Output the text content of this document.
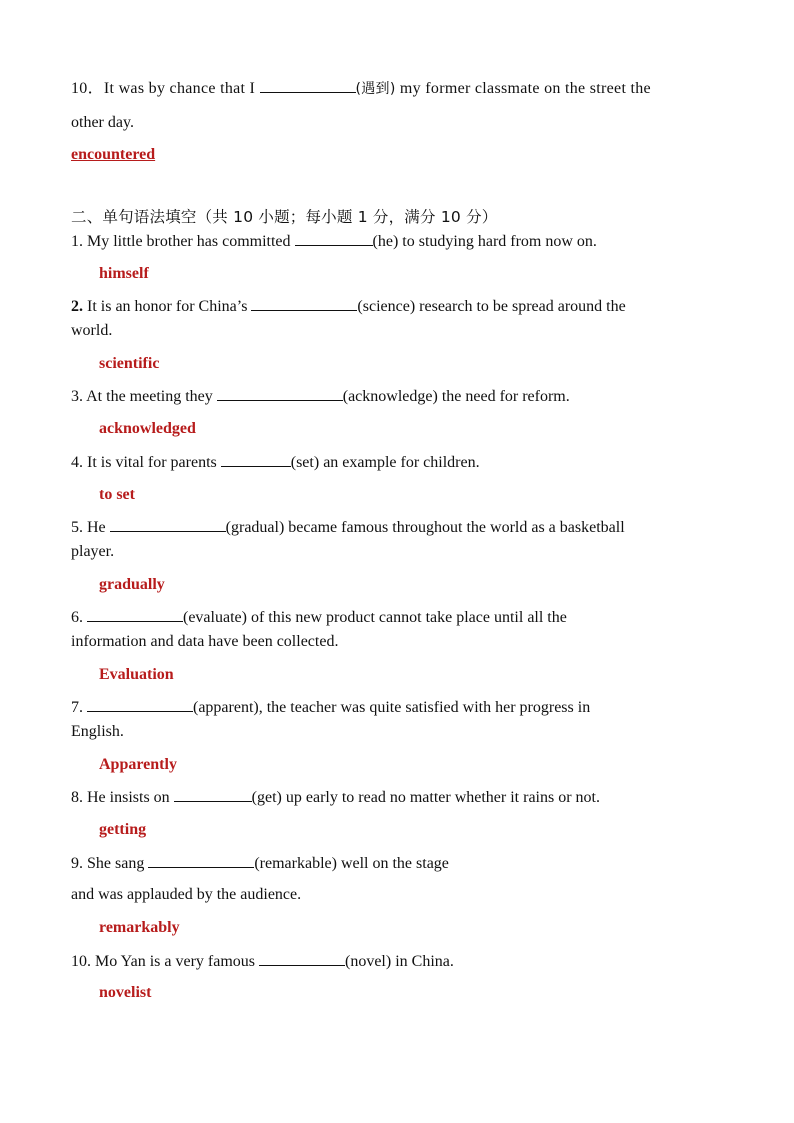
10．It was by chance that I	(遇到) my former classmate on the street the
other day.
encountered
二、单句语法填空（共 10 小题；每小题 1 分，满分 10 分）
1. My little brother has committed	(he) to studying hard from now on.
himself
2. It is an honor for China’s	(science) research to be spread around the
world.
scientific
3. At the meeting they	(acknowledge) the need for reform.
acknowledged
4. It is vital for parents	(set) an example for children.
to set
5. He	(gradual) became famous throughout the world as a basketball
player.
gradually
6.	(evaluate) of this new product cannot take place until all the
information and data have been collected.
Evaluation
7.	(apparent), the teacher was quite satisfied with her progress in
English.
Apparently
8. He insists on	(get) up early to read no matter whether it rains or not.
getting
9. She sang	(remarkable) well on the stage
and was applauded by the audience.
remarkably
10. Mo Yan is a very famous	(novel) in China.
novelist
